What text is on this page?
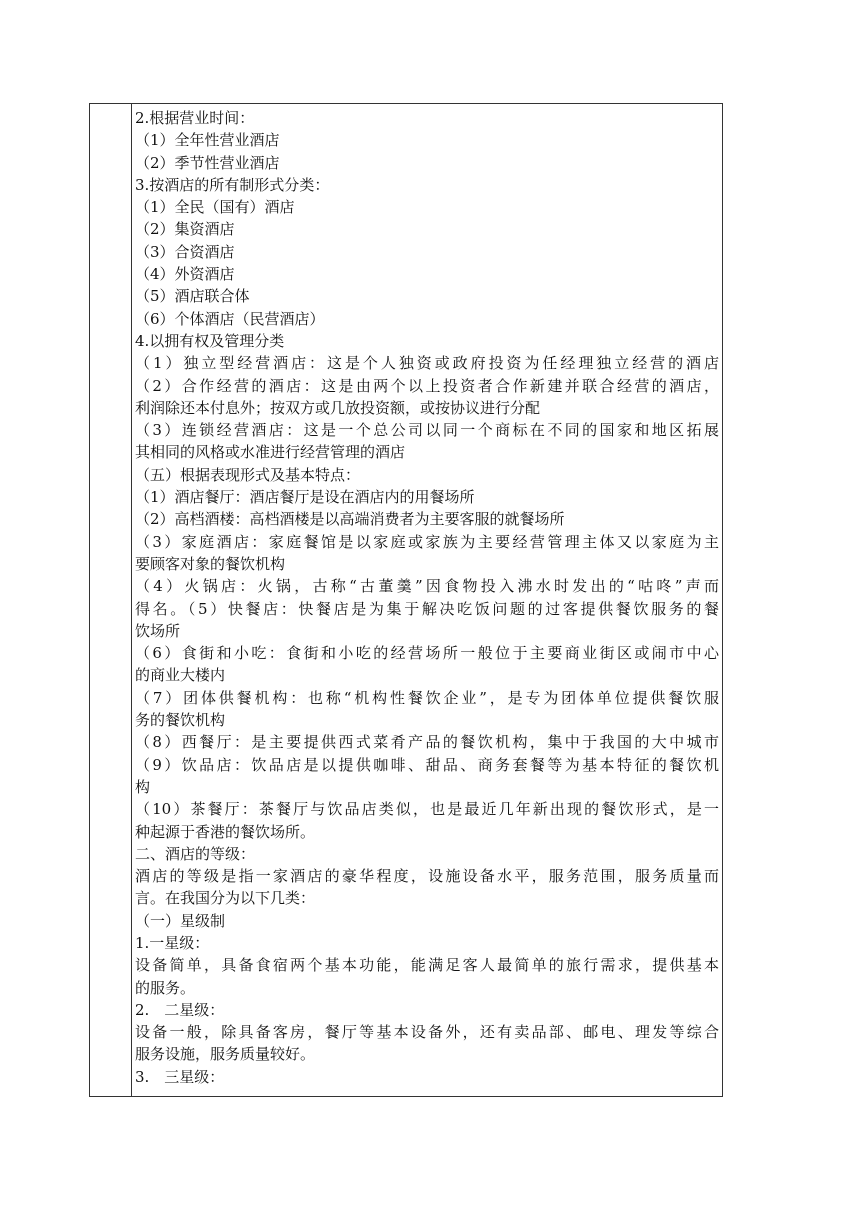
2.根据营业时间：
（1）全年性营业酒店
（2）季节性营业酒店
3.按酒店的所有制形式分类：
（1）全民（国有）酒店
（2）集资酒店
（3）合资酒店
（4）外资酒店
（5）酒店联合体
（6）个体酒店（民营酒店）
4.以拥有权及管理分类
（1）独立型经营酒店：这是个人独资或政府投资为任经理独立经营的酒店
（2）合作经营的酒店：这是由两个以上投资者合作新建并联合经营的酒店，
利润除还本付息外；按双方或几放投资额，或按协议进行分配
（3）连锁经营酒店：这是一个总公司以同一个商标在不同的国家和地区拓展
其相同的风格或水准进行经营管理的酒店
（五）根据表现形式及基本特点：
（1）酒店餐厅：酒店餐厅是设在酒店内的用餐场所
（2）高档酒楼：高档酒楼是以高端消费者为主要客服的就餐场所
（3）家庭酒店：家庭餐馆是以家庭或家族为主要经营管理主体又以家庭为主
要顾客对象的餐饮机构
（4）火锅店：火锅，古称“古董羹”因食物投入沸水时发出的“咕咚”声而
得名。（5）快餐店：快餐店是为集于解决吃饭问题的过客提供餐饮服务的餐
饮场所
（6）食街和小吃：食街和小吃的经营场所一般位于主要商业街区或闹市中心
的商业大楼内
（7）团体供餐机构：也称“机构性餐饮企业”，是专为团体单位提供餐饮服
务的餐饮机构
（8）西餐厅：是主要提供西式菜肴产品的餐饮机构，集中于我国的大中城市
（9）饮品店：饮品店是以提供咖啡、甜品、商务套餐等为基本特征的餐饮机
构
（10）茶餐厅：茶餐厅与饮品店类似，也是最近几年新出现的餐饮形式，是一
种起源于香港的餐饮场所。
二、酒店的等级：
酒店的等级是指一家酒店的豪华程度，设施设备水平，服务范围，服务质量而
言。在我国分为以下几类：
（一）星级制
1.一星级：
设备简单，具备食宿两个基本功能，能满足客人最简单的旅行需求，提供基本
的服务。
2.　二星级：
设备一般，除具备客房，餐厅等基本设备外，还有卖品部、邮电、理发等综合
服务设施，服务质量较好。
3.　三星级：
